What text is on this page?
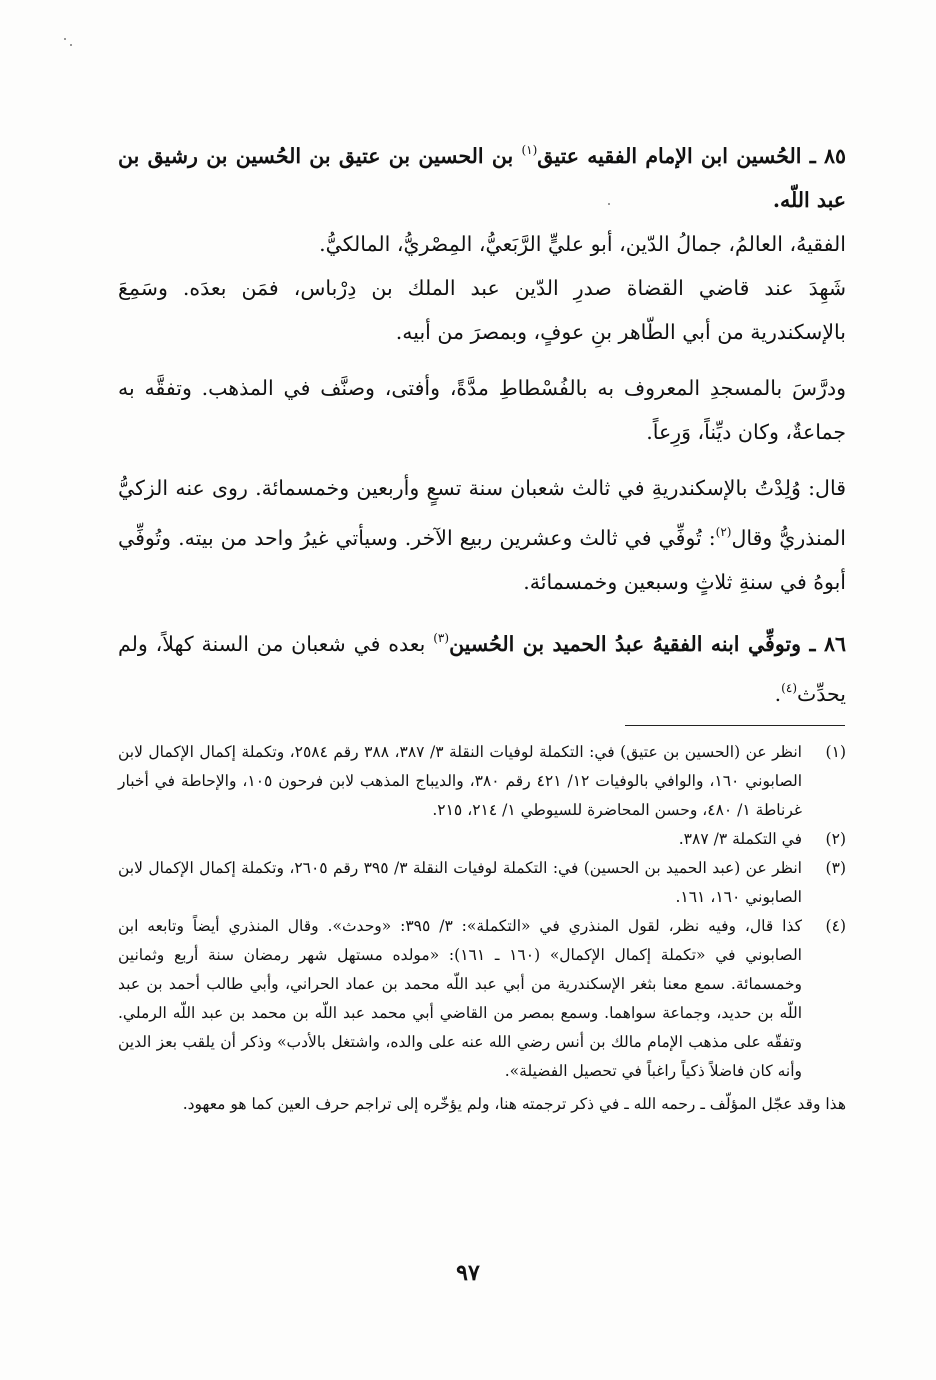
٨٥ ـ الحُسين ابن الإمام الفقيه عتيق$^{(١)}$ بن الحسين بن عتيق بن الحُسين بن رشيق بن عبد اللّه.

الفقيهُ، العالمُ، جمالُ الدّين، أبو عليٍّ الرَّبَعيُّ، المِصْريُّ، المالكيُّ.

شَهِدَ عند قاضي القضاة صدرِ الدّين عبد الملك بن دِرْباس، فمَن بعدَه. وسَمِعَ بالإسكندرية من أبي الطّاهر بنِ عوفٍ، وبمصرَ من أبيه.

ودرَّسَ بالمسجدِ المعروف به بالفُسْطاطِ مدَّةً، وأفتى، وصنَّف في المذهب. وتفقَّه به جماعةٌ، وكان ديِّناً، وَرِعاً.

قال: وُلِدْتُ بالإسكندريةِ في ثالث شعبان سنة تسعٍ وأربعين وخمسمائة. روى عنه الزكيُّ المنذريُّ وقال$^{(٢)}$: تُوفِّي في ثالث وعشرين ربيع الآخر. وسيأتي غيرُ واحد من بيته. وتُوفِّي أبوهُ في سنةِ ثلاثٍ وسبعين وخمسمائة.

٨٦ ـ وتوفِّي ابنه الفقيهُ عبدُ الحميد بن الحُسين$^{(٣)}$ بعده في شعبان من السنة كهلاً، ولم يحدِّث$^{(٤)}$.

(١)
انظر عن (الحسين بن عتيق) في: التكملة لوفيات النقلة ٣/ ٣٨٧، ٣٨٨ رقم ٢٥٨٤، وتكملة إكمال الإكمال لابن الصابوني ١٦٠، والوافي بالوفيات ١٢/ ٤٢١ رقم ٣٨٠، والديباج المذهب لابن فرحون ١٠٥، والإحاطة في أخبار غرناطة ١/ ٤٨٠، وحسن المحاضرة للسيوطي ١/ ٢١٤، ٢١٥.
(٢)
في التكملة ٣/ ٣٨٧.
(٣)
انظر عن (عبد الحميد بن الحسين) في: التكملة لوفيات النقلة ٣/ ٣٩٥ رقم ٢٦٠٥، وتكملة إكمال الإكمال لابن الصابوني ١٦٠، ١٦١.
(٤)
كذا قال، وفيه نظر، لقول المنذري في «التكملة»: ٣/ ٣٩٥: «وحدث». وقال المنذري أيضاً وتابعه ابن الصابوني في «تكملة إكمال الإكمال» (١٦٠ ـ ١٦١): «مولده مستهل شهر رمضان سنة أربع وثمانين وخمسمائة. سمع معنا بثغر الإسكندرية من أبي عبد اللّه محمد بن عماد الحراني، وأبي طالب أحمد بن عبد اللّه بن حديد، وجماعة سواهما. وسمع بمصر من القاضي أبي محمد عبد اللّه بن محمد بن عبد اللّه الرملي. وتفقّه على مذهب الإمام مالك بن أنس رضي الله عنه على والده، واشتغل بالأدب» وذكر أن يلقب بعز الدين وأنه كان فاضلاً ذكياً راغباً في تحصيل الفضيلة».

هذا وقد عجّل المؤلّف ـ رحمه الله ـ في ذكر ترجمته هنا، ولم يؤخّره إلى تراجم حرف العين كما هو معهود.

٩٧
